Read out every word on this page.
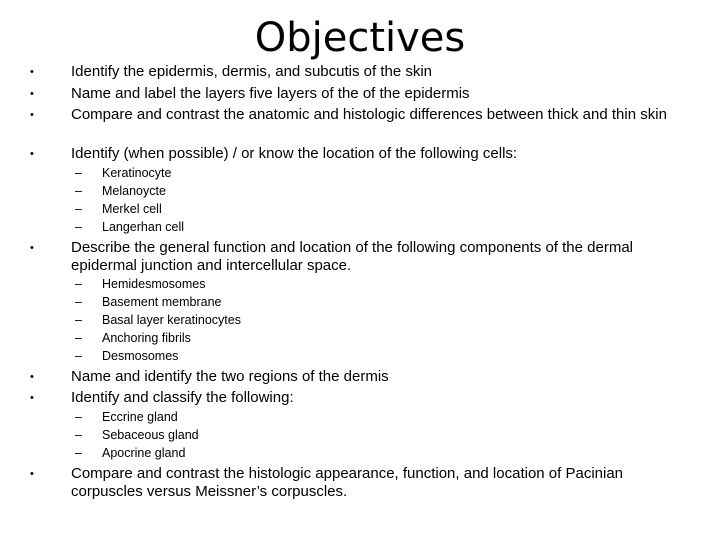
Objectives
•	Identify the epidermis, dermis, and subcutis of the skin
•	Name and label the layers five layers of the of the epidermis
•	Compare and contrast the anatomic and histologic differences between thick and thin skin
•	Identify (when possible) / or know the location of the following cells:
–	Keratinocyte
–	Melanoycte
–	Merkel cell
–	Langerhan cell
•	Describe the general function and location of the following components of the dermal epidermal junction and intercellular space.
–	Hemidesmosomes
–	Basement membrane
–	Basal layer keratinocytes
–	Anchoring fibrils
–	Desmosomes
•	Name and identify the two regions of the dermis
•	Identify and classify the following:
–	Eccrine gland
–	Sebaceous gland
–	Apocrine gland
•	Compare and contrast the histologic appearance, function, and location of Pacinian corpuscles versus Meissner’s corpuscles.
